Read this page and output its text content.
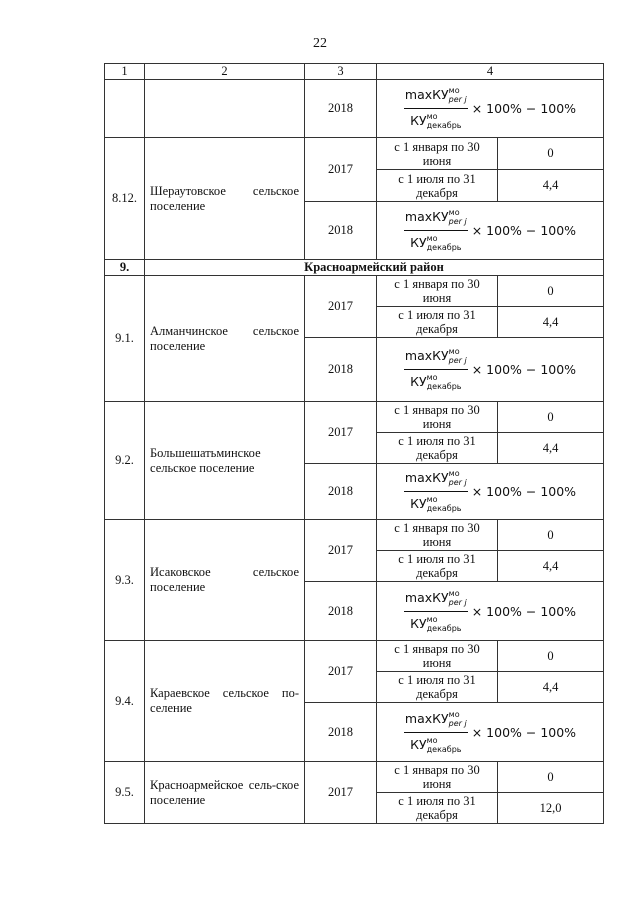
22
1	2	3	4	
		2018	$\frac{\max КУ^{мо}_{per j}}{КУ^{мо}_{декабрь}} \times 100\% - 100\%$	

8.12.	Шераутовское сельское поселение	2017	с 1 января по 30 июня	0
			с 1 июля по 31 декабря	4,4
		2018	$\frac{\max КУ^{мо}_{per j}}{КУ^{мо}_{декабрь}} \times 100\% - 100\%$	

9.	Красноармейский район			
9.1.	Алманчинское сельское поселение	2017	с 1 января по 30 июня	0
			с 1 июля по 31 декабря	4,4
		2018	$\frac{\max КУ^{мо}_{per j}}{КУ^{мо}_{декабрь}} \times 100\% - 100\%$	

9.2.	Большешатьминское сельское поселение	2017	с 1 января по 30 июня	0
			с 1 июля по 31 декабря	4,4
		2018	$\frac{\max КУ^{мо}_{per j}}{КУ^{мо}_{декабрь}} \times 100\% - 100\%$	

9.3.	Исаковское сельское поселение	2017	с 1 января по 30 июня	0
			с 1 июля по 31 декабря	4,4
		2018	$\frac{\max КУ^{мо}_{per j}}{КУ^{мо}_{декабрь}} \times 100\% - 100\%$	

9.4.	Караевское сельское по-селение	2017	с 1 января по 30 июня	0
			с 1 июля по 31 декабря	4,4
		2018	$\frac{\max КУ^{мо}_{per j}}{КУ^{мо}_{декабрь}} \times 100\% - 100\%$	

9.5.	Красноармейское сель-ское поселение	2017	с 1 января по 30 июня	0
			с 1 июля по 31 декабря	12,0
